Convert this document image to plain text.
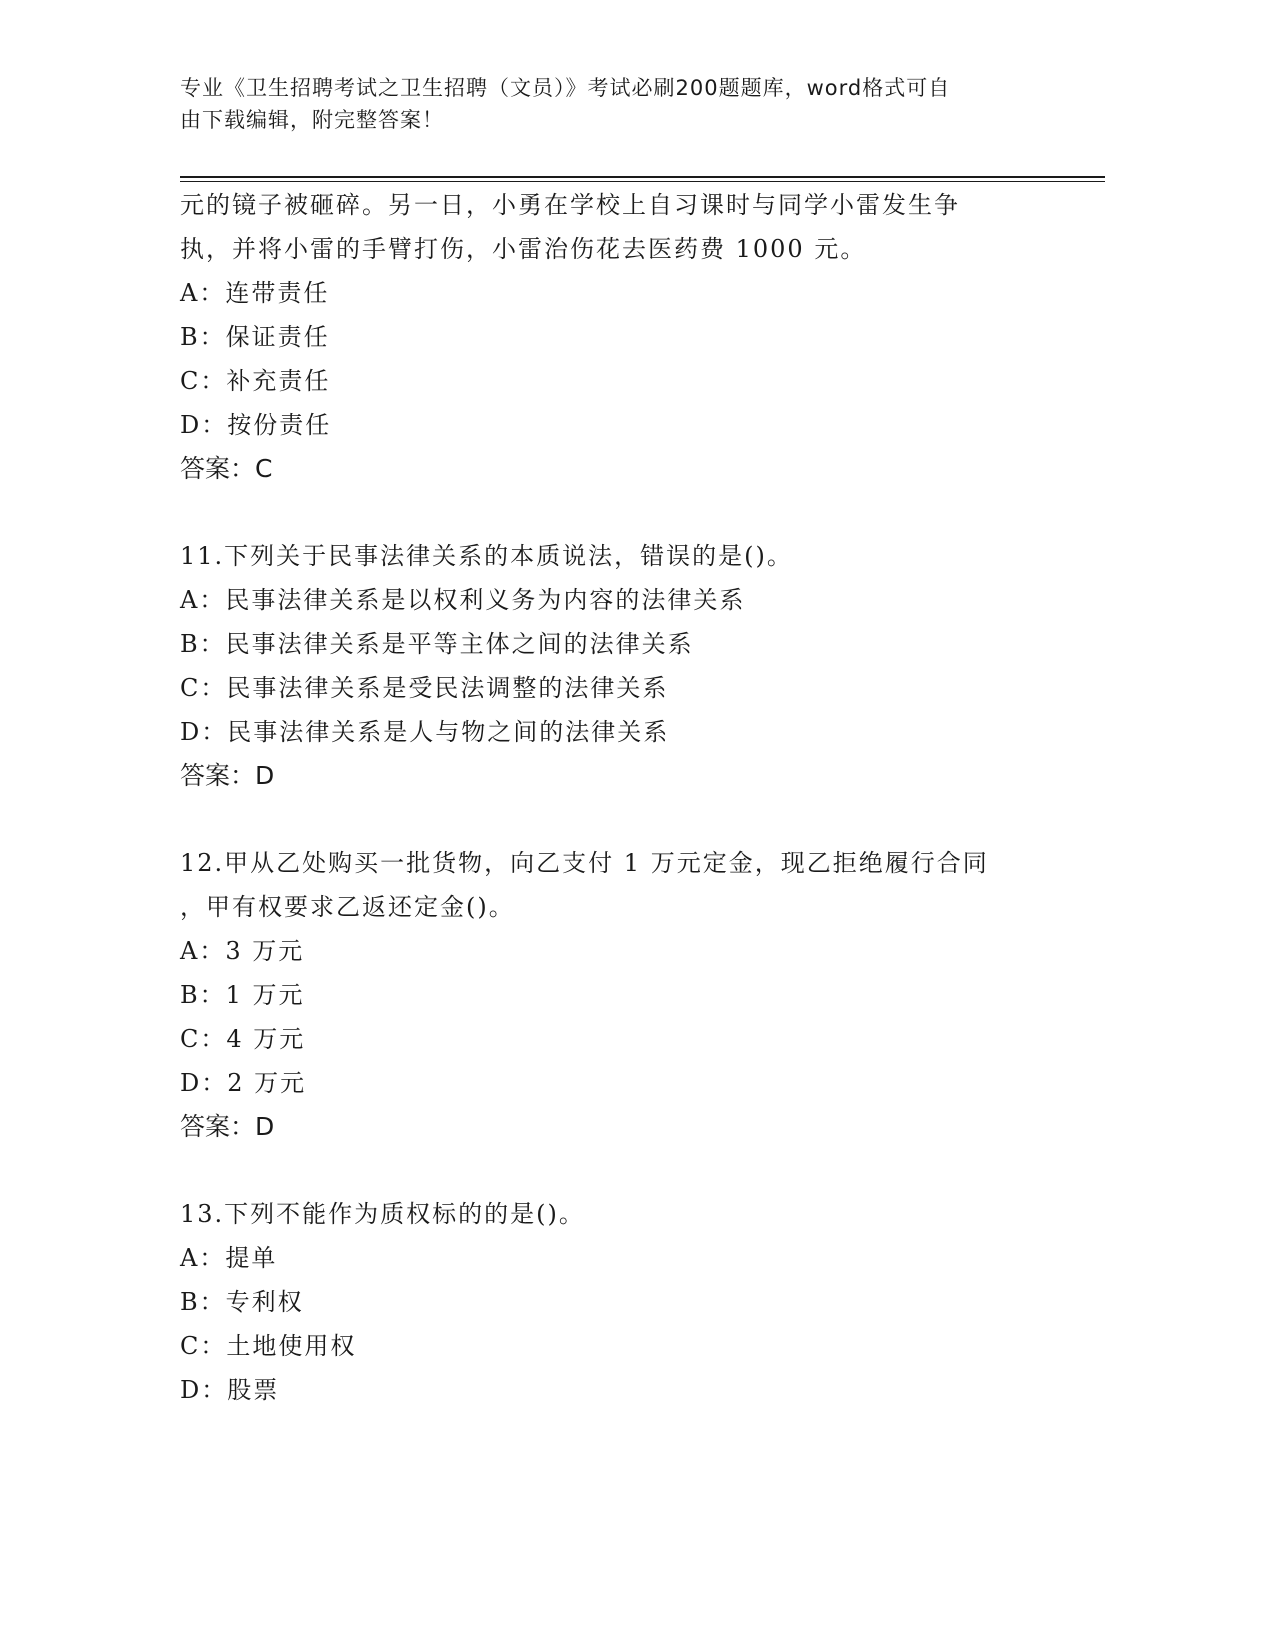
专业《卫生招聘考试之卫生招聘（文员）》考试必刷200题题库，word格式可自
由下载编辑，附完整答案！
元的镜子被砸碎。另一日，小勇在学校上自习课时与同学小雷发生争
执，并将小雷的手臂打伤，小雷治伤花去医药费 1000 元。
A：连带责任
B：保证责任
C：补充责任
D：按份责任
答案：C
11.下列关于民事法律关系的本质说法，错误的是()。
A：民事法律关系是以权利义务为内容的法律关系
B：民事法律关系是平等主体之间的法律关系
C：民事法律关系是受民法调整的法律关系
D：民事法律关系是人与物之间的法律关系
答案：D
12.甲从乙处购买一批货物，向乙支付 1 万元定金，现乙拒绝履行合同
，甲有权要求乙返还定金()。
A：3 万元
B：1 万元
C：4 万元
D：2 万元
答案：D
13.下列不能作为质权标的的是()。
A：提单
B：专利权
C：土地使用权
D：股票
